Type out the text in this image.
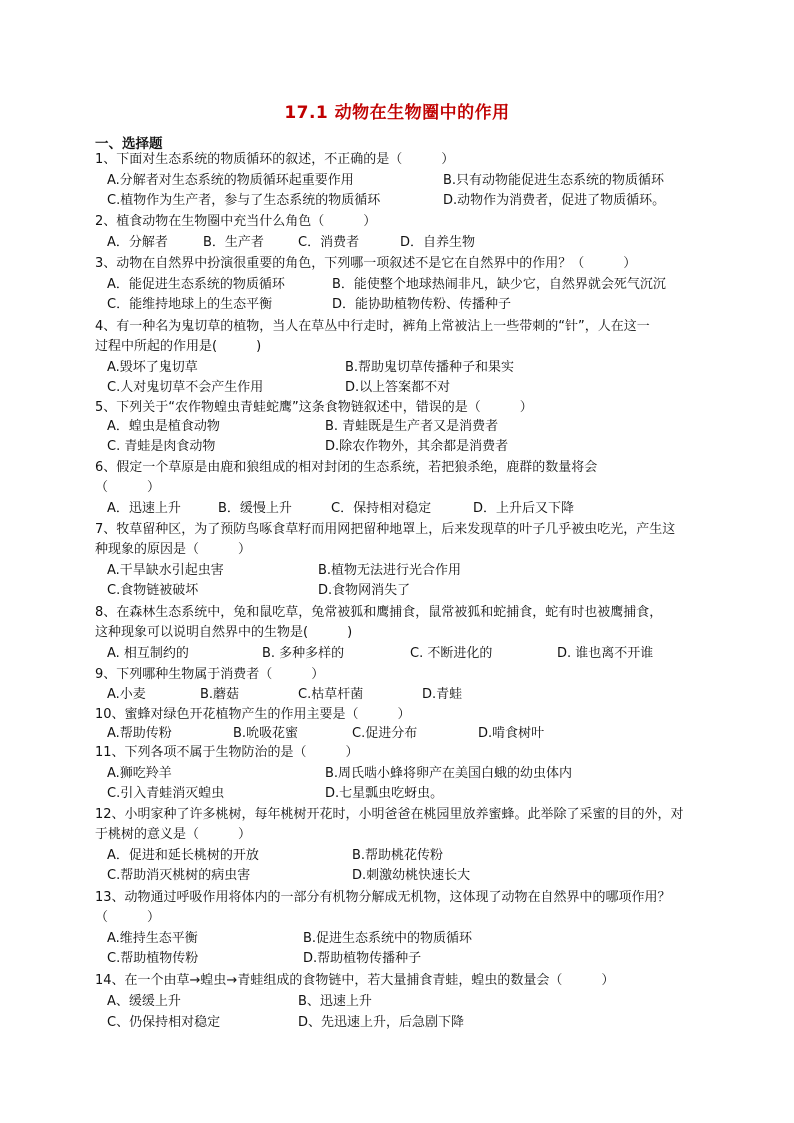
17.1 动物在生物圈中的作用
一、选择题
1、下面对生态系统的物质循环的叙述，不正确的是（　　　）
A.分解者对生态系统的物质循环起重要作用	B.只有动物能促进生态系统的物质循环
C.植物作为生产者，参与了生态系统的物质循环	D.动物作为消费者，促进了物质循环。
2、植食动物在生物圈中充当什么角色（　　　）
A．分解者	B．生产者	C．消费者	D．自养生物
3、动物在自然界中扮演很重要的角色，下列哪一项叙述不是它在自然界中的作用？（　　　）
A．能促进生态系统的物质循环	B．能使整个地球热闹非凡，缺少它，自然界就会死气沉沉
C．能维持地球上的生态平衡	D．能协助植物传粉、传播种子
4、有一种名为鬼切草的植物，当人在草丛中行走时，裤角上常被沾上一些带刺的“针”，人在这一
过程中所起的作用是(　　　)
A.毁坏了鬼切草	B.帮助鬼切草传播种子和果实
C.人对鬼切草不会产生作用	D.以上答案都不对
5、下列关于“农作物蝗虫青蛙蛇鹰”这条食物链叙述中，错误的是（　　　）
A．蝗虫是植食动物	B. 青蛙既是生产者又是消费者
C. 青蛙是肉食动物	D.除农作物外，其余都是消费者
6、假定一个草原是由鹿和狼组成的相对封闭的生态系统，若把狼杀绝，鹿群的数量将会
（　　　）
A．迅速上升	B．缓慢上升	C．保持相对稳定	D．上升后又下降
7、牧草留种区，为了预防鸟啄食草籽而用网把留种地罩上，后来发现草的叶子几乎被虫吃光，产生这
种现象的原因是（　　　）
A.干旱缺水引起虫害	B.植物无法进行光合作用
C.食物链被破坏	D.食物网消失了
8、在森林生态系统中，兔和鼠吃草，兔常被狐和鹰捕食，鼠常被狐和蛇捕食，蛇有时也被鹰捕食，
这种现象可以说明自然界中的生物是(　　　)
A. 相互制约的	B. 多种多样的	C. 不断进化的	D. 谁也离不开谁
9、下列哪种生物属于消费者（　　　）
A.小麦	B.蘑菇	C.枯草杆菌	D.青蛙
10、蜜蜂对绿色开花植物产生的作用主要是（　　　）
A.帮助传粉	B.吮吸花蜜	C.促进分布	D.啃食树叶
11、下列各项不属于生物防治的是（　　　）
A.狮吃羚羊	B.周氏啮小蜂将卵产在美国白蛾的幼虫体内
C.引入青蛙消灭蝗虫	D.七星瓢虫吃蚜虫。
12、小明家种了许多桃树，每年桃树开花时，小明爸爸在桃园里放养蜜蜂。此举除了采蜜的目的外，对
于桃树的意义是（　　　）
A．促进和延长桃树的开放	B.帮助桃花传粉
C.帮助消灭桃树的病虫害	D.刺激幼桃快速长大
13、动物通过呼吸作用将体内的一部分有机物分解成无机物，这体现了动物在自然界中的哪项作用？
（　　　）
A.维持生态平衡	B.促进生态系统中的物质循环
C.帮助植物传粉	D.帮助植物传播种子
14、在一个由草→蝗虫→青蛙组成的食物链中，若大量捕食青蛙，蝗虫的数量会（　　　）
A、缓缓上升	B、迅速上升
C、仍保持相对稳定	D、先迅速上升，后急剧下降
